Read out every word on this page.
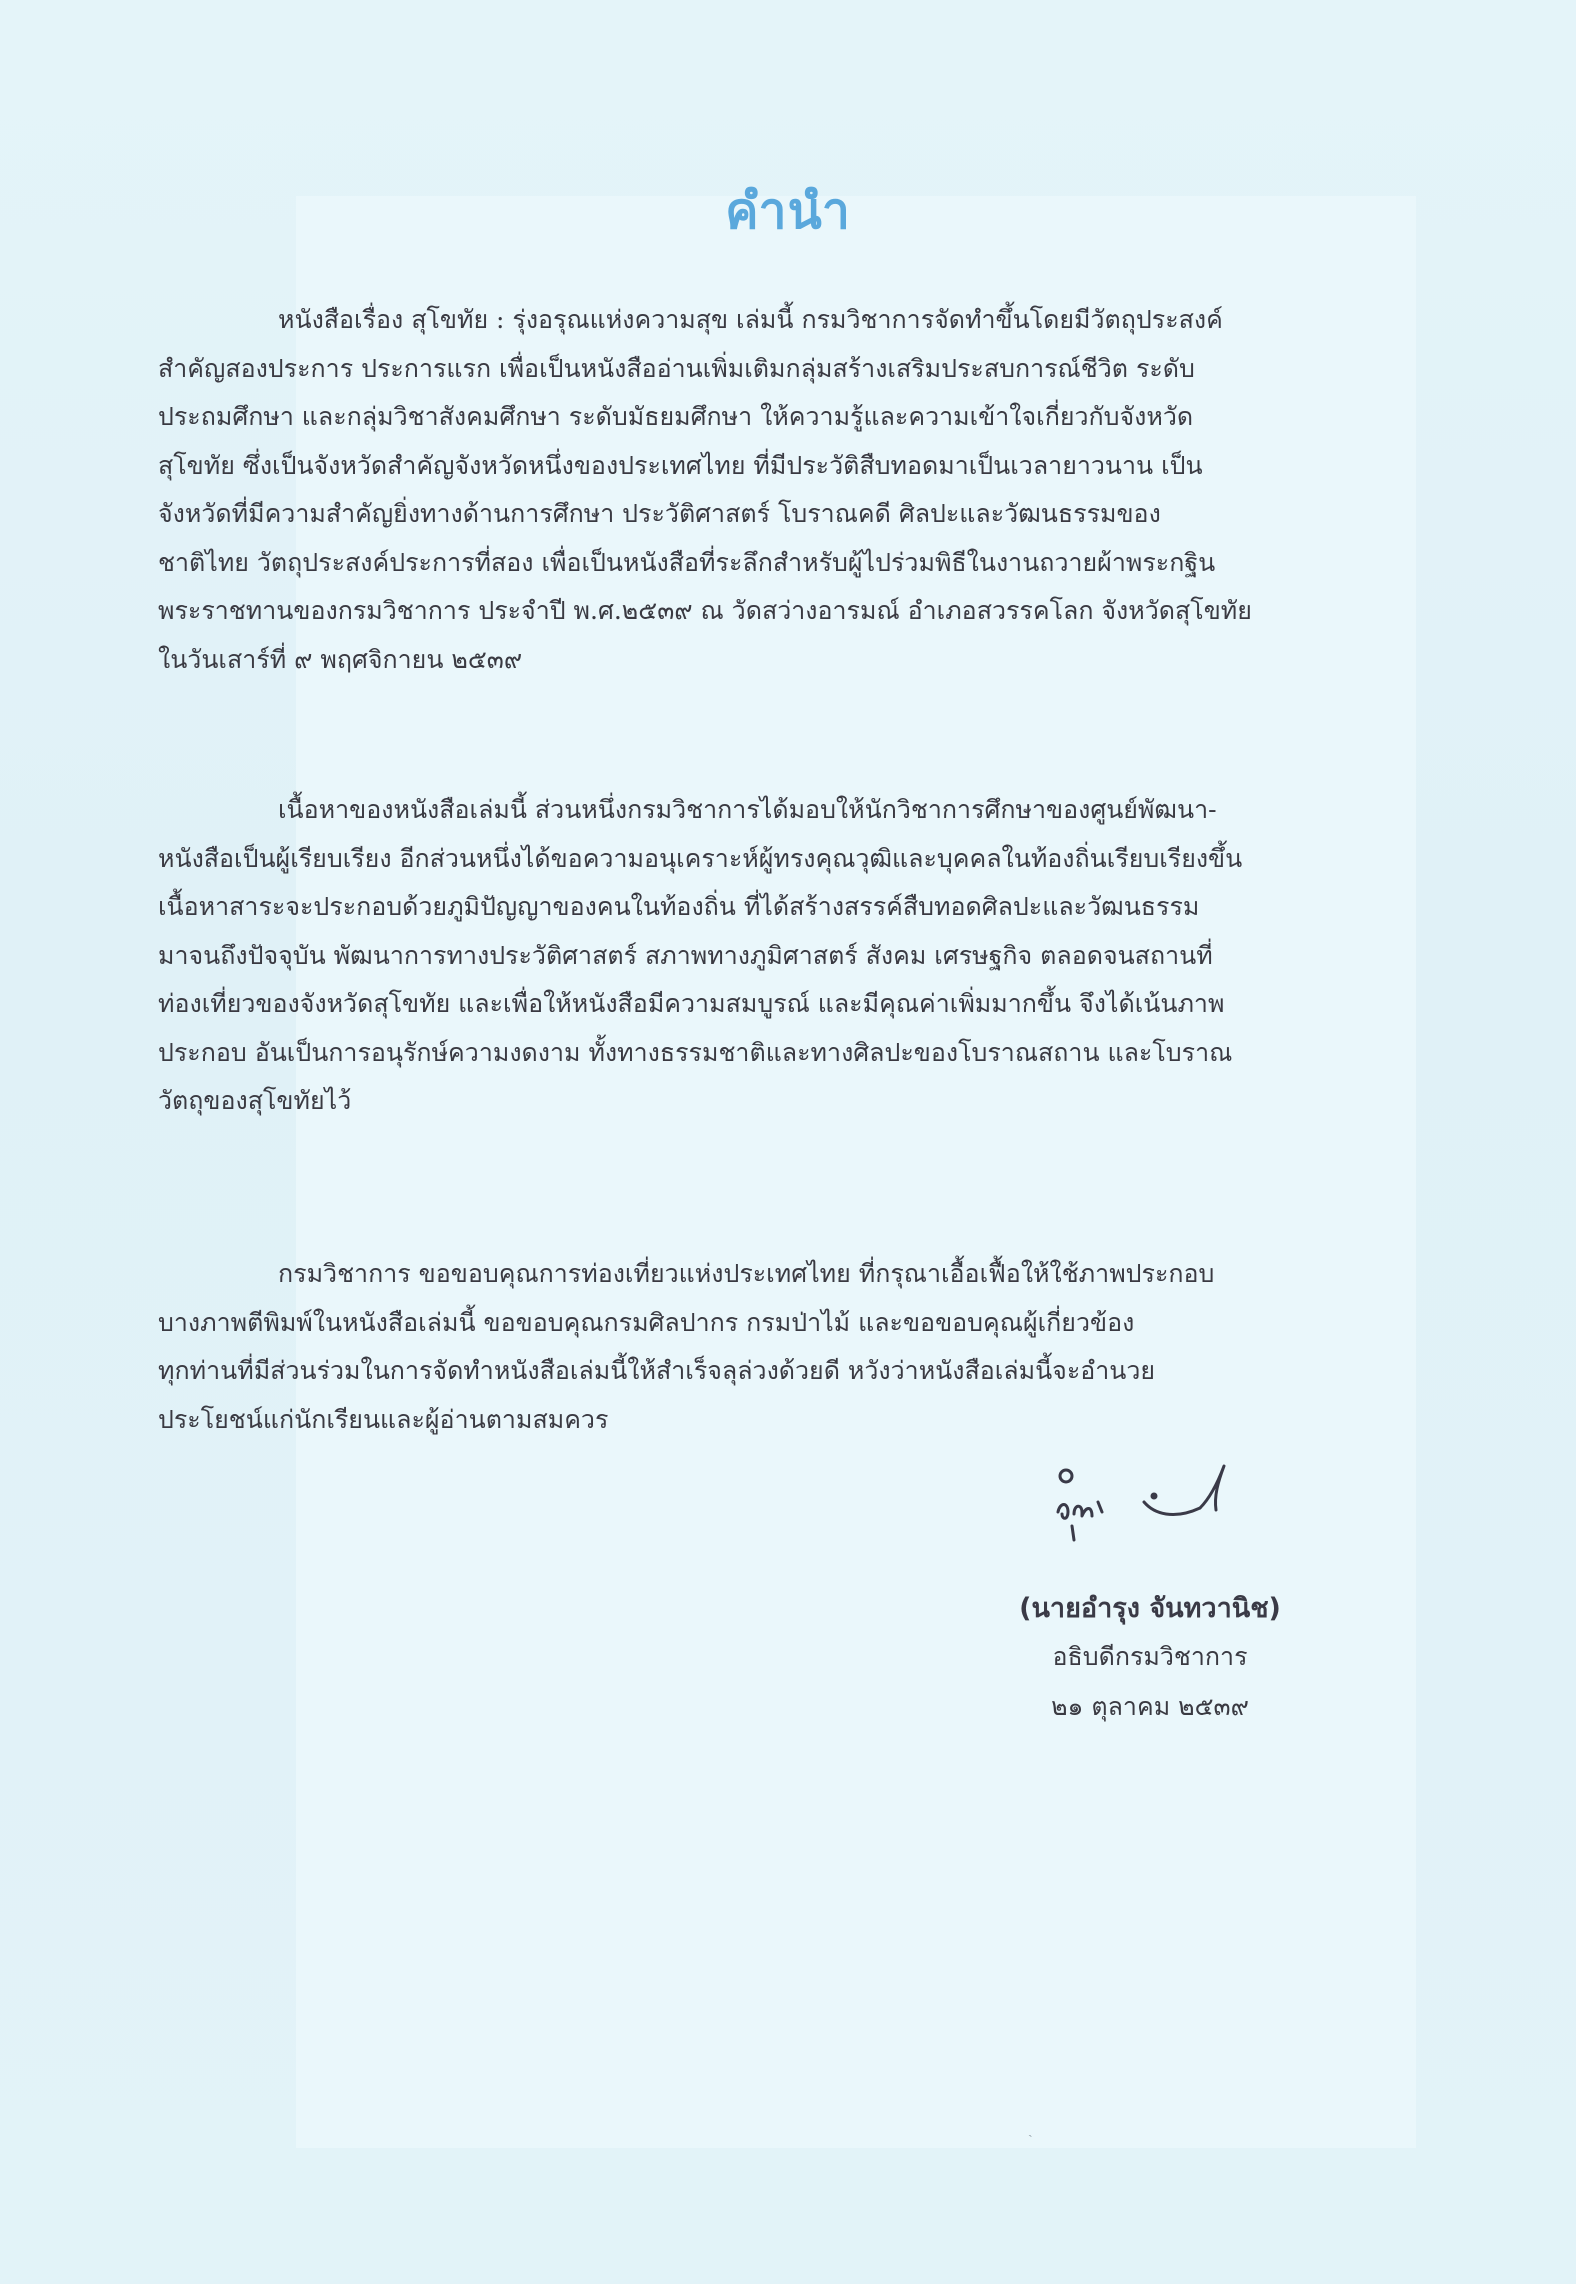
คำนำ
หนังสือเรื่อง สุโขทัย : รุ่งอรุณแห่งความสุข เล่มนี้ กรมวิชาการจัดทำขึ้นโดยมีวัตถุประสงค์
สำคัญสองประการ ประการแรก เพื่อเป็นหนังสืออ่านเพิ่มเติมกลุ่มสร้างเสริมประสบการณ์ชีวิต ระดับ
ประถมศึกษา และกลุ่มวิชาสังคมศึกษา ระดับมัธยมศึกษา ให้ความรู้และความเข้าใจเกี่ยวกับจังหวัด
สุโขทัย ซึ่งเป็นจังหวัดสำคัญจังหวัดหนึ่งของประเทศไทย ที่มีประวัติสืบทอดมาเป็นเวลายาวนาน เป็น
จังหวัดที่มีความสำคัญยิ่งทางด้านการศึกษา ประวัติศาสตร์ โบราณคดี ศิลปะและวัฒนธรรมของ
ชาติไทย วัตถุประสงค์ประการที่สอง เพื่อเป็นหนังสือที่ระลึกสำหรับผู้ไปร่วมพิธีในงานถวายผ้าพระกฐิน
พระราชทานของกรมวิชาการ ประจำปี พ.ศ.๒๕๓๙ ณ วัดสว่างอารมณ์ อำเภอสวรรคโลก จังหวัดสุโขทัย
ในวันเสาร์ที่ ๙ พฤศจิกายน ๒๕๓๙
เนื้อหาของหนังสือเล่มนี้ ส่วนหนึ่งกรมวิชาการได้มอบให้นักวิชาการศึกษาของศูนย์พัฒนา-
หนังสือเป็นผู้เรียบเรียง อีกส่วนหนึ่งได้ขอความอนุเคราะห์ผู้ทรงคุณวุฒิและบุคคลในท้องถิ่นเรียบเรียงขึ้น
เนื้อหาสาระจะประกอบด้วยภูมิปัญญาของคนในท้องถิ่น ที่ได้สร้างสรรค์สืบทอดศิลปะและวัฒนธรรม
มาจนถึงปัจจุบัน พัฒนาการทางประวัติศาสตร์ สภาพทางภูมิศาสตร์ สังคม เศรษฐกิจ ตลอดจนสถานที่
ท่องเที่ยวของจังหวัดสุโขทัย และเพื่อให้หนังสือมีความสมบูรณ์ และมีคุณค่าเพิ่มมากขึ้น จึงได้เน้นภาพ
ประกอบ อันเป็นการอนุรักษ์ความงดงาม ทั้งทางธรรมชาติและทางศิลปะของโบราณสถาน และโบราณ
วัตถุของสุโขทัยไว้
กรมวิชาการ ขอขอบคุณการท่องเที่ยวแห่งประเทศไทย ที่กรุณาเอื้อเฟื้อให้ใช้ภาพประกอบ
บางภาพตีพิมพ์ในหนังสือเล่มนี้ ขอขอบคุณกรมศิลปากร กรมป่าไม้ และขอขอบคุณผู้เกี่ยวข้อง
ทุกท่านที่มีส่วนร่วมในการจัดทำหนังสือเล่มนี้ให้สำเร็จลุล่วงด้วยดี หวังว่าหนังสือเล่มนี้จะอำนวย
ประโยชน์แก่นักเรียนและผู้อ่านตามสมควร
(นายอำรุง จันทวานิช)
อธิบดีกรมวิชาการ
๒๑ ตุลาคม ๒๕๓๙
ˎ
